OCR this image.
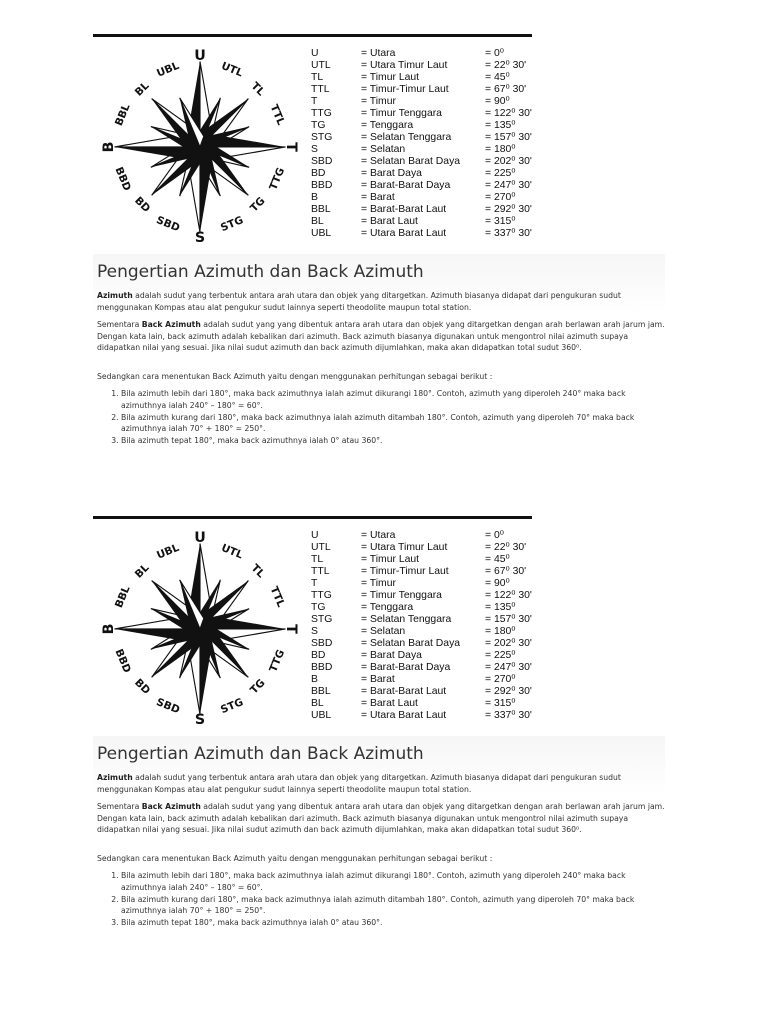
U
UTL
TL
TTL
T
TTG
TG
STG
S
SBD
BD
BBD
B
BBL
BL
UBL
U	= Utara	= 0⁰
UTL	= Utara Timur Laut	= 22⁰ 30'
TL	= Timur Laut	= 45⁰
TTL	= Timur-Timur Laut	= 67⁰ 30'
T	= Timur	= 90⁰
TTG	= Timur Tenggara	= 122⁰ 30'
TG	= Tenggara	= 135⁰
STG	= Selatan Tenggara	= 157⁰ 30'
S	= Selatan	= 180⁰
SBD	= Selatan Barat Daya	= 202⁰ 30'
BD	= Barat Daya	= 225⁰
BBD	= Barat-Barat Daya	= 247⁰ 30'
B	= Barat	= 270⁰
BBL	= Barat-Barat Laut	= 292⁰ 30'
BL	= Barat Laut	= 315⁰
UBL	= Utara Barat Laut	= 337⁰ 30'
Pengertian Azimuth dan Back Azimuth

Azimuth adalah sudut yang terbentuk antara arah utara dan objek yang ditargetkan. Azimuth biasanya didapat dari pengukuran sudut menggunakan Kompas atau alat pengukur sudut lainnya seperti theodolite maupun total station.

Sementara Back Azimuth adalah sudut yang yang dibentuk antara arah utara dan objek yang ditargetkan dengan arah berlawan arah jarum jam. Dengan kata lain, back azimuth adalah kebalikan dari azimuth. Back azimuth biasanya digunakan untuk mengontrol nilai azimuth supaya didapatkan nilai yang sesuai. Jika nilai sudut azimuth dan back azimuth dijumlahkan, maka akan didapatkan total sudut 360⁰.

Sedangkan cara menentukan Back Azimuth yaitu dengan menggunakan perhitungan sebagai berikut :

1. Bila azimuth lebih dari 180°, maka back azimuthnya ialah azimut dikurangi 180°. Contoh, azimuth yang diperoleh 240° maka back azimuthnya ialah 240° – 180° = 60°.
2. Bila azimuth kurang dari 180°, maka back azimuthnya ialah azimuth ditambah 180°. Contoh, azimuth yang diperoleh 70° maka back azimuthnya ialah 70° + 180° = 250°.
3. Bila azimuth tepat 180°, maka back azimuthnya ialah 0° atau 360°.
U
UTL
TL
TTL
T
TTG
TG
STG
S
SBD
BD
BBD
B
BBL
BL
UBL
U	= Utara	= 0⁰
UTL	= Utara Timur Laut	= 22⁰ 30'
TL	= Timur Laut	= 45⁰
TTL	= Timur-Timur Laut	= 67⁰ 30'
T	= Timur	= 90⁰
TTG	= Timur Tenggara	= 122⁰ 30'
TG	= Tenggara	= 135⁰
STG	= Selatan Tenggara	= 157⁰ 30'
S	= Selatan	= 180⁰
SBD	= Selatan Barat Daya	= 202⁰ 30'
BD	= Barat Daya	= 225⁰
BBD	= Barat-Barat Daya	= 247⁰ 30'
B	= Barat	= 270⁰
BBL	= Barat-Barat Laut	= 292⁰ 30'
BL	= Barat Laut	= 315⁰
UBL	= Utara Barat Laut	= 337⁰ 30'
Pengertian Azimuth dan Back Azimuth

Azimuth adalah sudut yang terbentuk antara arah utara dan objek yang ditargetkan. Azimuth biasanya didapat dari pengukuran sudut menggunakan Kompas atau alat pengukur sudut lainnya seperti theodolite maupun total station.

Sementara Back Azimuth adalah sudut yang yang dibentuk antara arah utara dan objek yang ditargetkan dengan arah berlawan arah jarum jam. Dengan kata lain, back azimuth adalah kebalikan dari azimuth. Back azimuth biasanya digunakan untuk mengontrol nilai azimuth supaya didapatkan nilai yang sesuai. Jika nilai sudut azimuth dan back azimuth dijumlahkan, maka akan didapatkan total sudut 360⁰.

Sedangkan cara menentukan Back Azimuth yaitu dengan menggunakan perhitungan sebagai berikut :

1. Bila azimuth lebih dari 180°, maka back azimuthnya ialah azimut dikurangi 180°. Contoh, azimuth yang diperoleh 240° maka back azimuthnya ialah 240° – 180° = 60°.
2. Bila azimuth kurang dari 180°, maka back azimuthnya ialah azimuth ditambah 180°. Contoh, azimuth yang diperoleh 70° maka back azimuthnya ialah 70° + 180° = 250°.
3. Bila azimuth tepat 180°, maka back azimuthnya ialah 0° atau 360°.
